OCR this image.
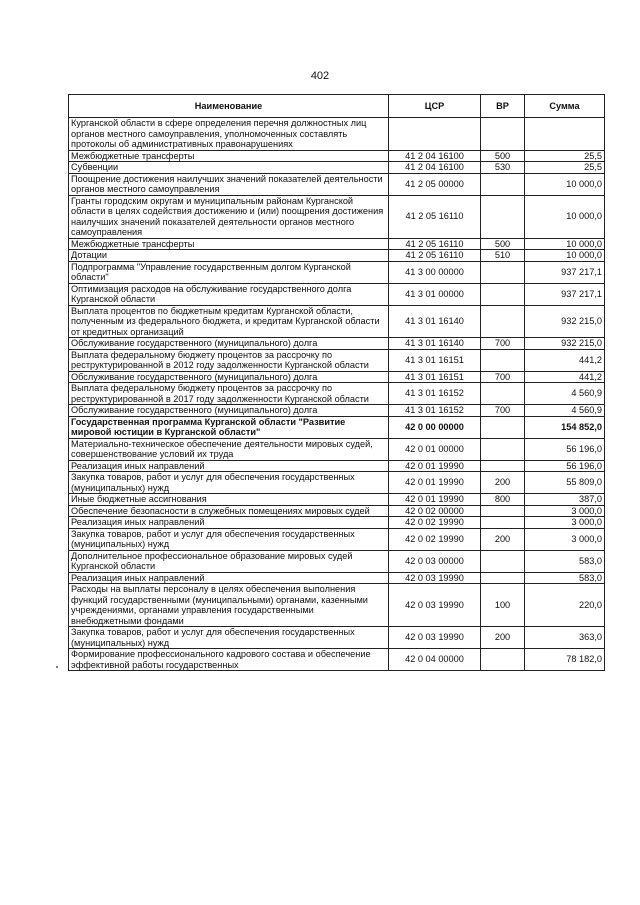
402
Наименование	ЦСР	ВР	Сумма
Курганской области в сфере определения перечня должностных лиц органов местного самоуправления, уполномоченных составлять протоколы об административных правонарушениях			
Межбюджетные трансферты	41 2 04 16100	500	25,5
Субвенции	41 2 04 16100	530	25,5
Поощрение достижения наилучших значений показателей деятельности органов местного самоуправления	41 2 05 00000		10 000,0
Гранты городским округам и муниципальным районам Курганской области в целях содействия достижению и (или) поощрения достижения наилучших значений показателей деятельности органов местного самоуправления	41 2 05 16110		10 000,0
Межбюджетные трансферты	41 2 05 16110	500	10 000,0
Дотации	41 2 05 16110	510	10 000,0
Подпрограмма "Управление государственным долгом Курганской области"	41 3 00 00000		937 217,1
Оптимизация расходов на обслуживание государственного долга Курганской области	41 3 01 00000		937 217,1
Выплата процентов по бюджетным кредитам Курганской области, полученным из федерального бюджета, и кредитам Курганской области от кредитных организаций	41 3 01 16140		932 215,0
Обслуживание государственного (муниципального) долга	41 3 01 16140	700	932 215,0
Выплата федеральному бюджету процентов за рассрочку по реструктурированной в 2012 году задолженности Курганской области	41 3 01 16151		441,2
Обслуживание государственного (муниципального) долга	41 3 01 16151	700	441,2
Выплата федеральному бюджету процентов за рассрочку по реструктурированной в 2017 году задолженности Курганской области	41 3 01 16152		4 560,9
Обслуживание государственного (муниципального) долга	41 3 01 16152	700	4 560,9
Государственная программа Курганской области "Развитие мировой юстиции в Курганской области"	42 0 00 00000		154 852,0
Материально-техническое обеспечение деятельности мировых судей, совершенствование условий их труда	42 0 01 00000		56 196,0
Реализация иных направлений	42 0 01 19990		56 196,0
Закупка товаров, работ и услуг для обеспечения государственных (муниципальных) нужд	42 0 01 19990	200	55 809,0
Иные бюджетные ассигнования	42 0 01 19990	800	387,0
Обеспечение безопасности в служебных помещениях мировых судей	42 0 02 00000		3 000,0
Реализация иных направлений	42 0 02 19990		3 000,0
Закупка товаров, работ и услуг для обеспечения государственных (муниципальных) нужд	42 0 02 19990	200	3 000,0
Дополнительное профессиональное образование мировых судей Курганской области	42 0 03 00000		583,0
Реализация иных направлений	42 0 03 19990		583,0
Расходы на выплаты персоналу в целях обеспечения выполнения функций государственными (муниципальными) органами, казенными учреждениями, органами управления государственными внебюджетными фондами	42 0 03 19990	100	220,0
Закупка товаров, работ и услуг для обеспечения государственных (муниципальных) нужд	42 0 03 19990	200	363,0
Формирование профессионального кадрового состава и обеспечение эффективной работы государственных	42 0 04 00000		78 182,0
